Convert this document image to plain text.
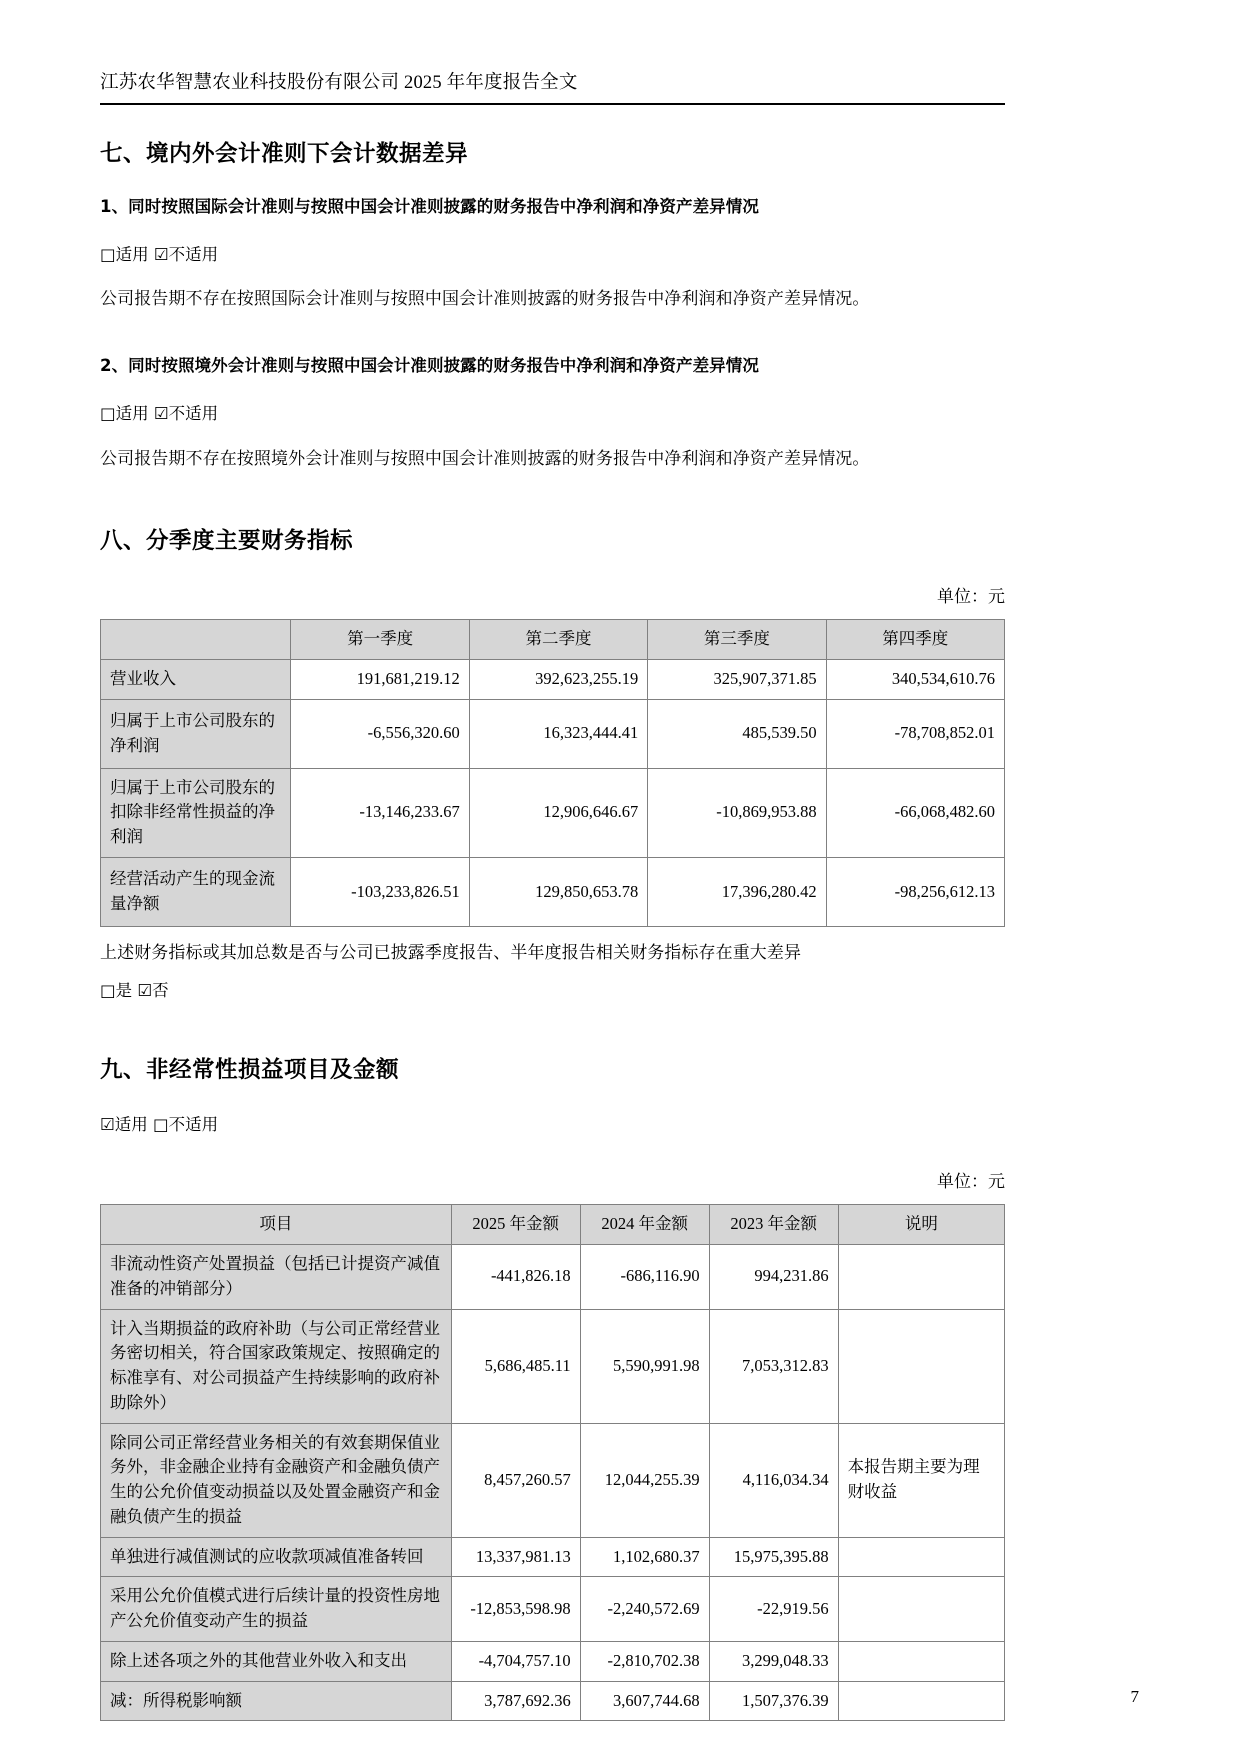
江苏农华智慧农业科技股份有限公司 2025 年年度报告全文
七、境内外会计准则下会计数据差异
1、同时按照国际会计准则与按照中国会计准则披露的财务报告中净利润和净资产差异情况

□适用 ☑不适用

公司报告期不存在按照国际会计准则与按照中国会计准则披露的财务报告中净利润和净资产差异情况。

2、同时按照境外会计准则与按照中国会计准则披露的财务报告中净利润和净资产差异情况

□适用 ☑不适用

公司报告期不存在按照境外会计准则与按照中国会计准则披露的财务报告中净利润和净资产差异情况。

八、分季度主要财务指标
单位：元
	第一季度	第二季度	第三季度	第四季度
营业收入	191,681,219.12	392,623,255.19	325,907,371.85	340,534,610.76
归属于上市公司股东的净利润	-6,556,320.60	16,323,444.41	485,539.50	-78,708,852.01
归属于上市公司股东的扣除非经常性损益的净利润	-13,146,233.67	12,906,646.67	-10,869,953.88	-66,068,482.60
经营活动产生的现金流量净额	-103,233,826.51	129,850,653.78	17,396,280.42	-98,256,612.13

上述财务指标或其加总数是否与公司已披露季度报告、半年度报告相关财务指标存在重大差异

□是 ☑否

九、非经常性损益项目及金额

☑适用 □不适用

单位：元
项目	2025 年金额	2024 年金额	2023 年金额	说明
非流动性资产处置损益（包括已计提资产减值准备的冲销部分）	-441,826.18	-686,116.90	994,231.86	
计入当期损益的政府补助（与公司正常经营业务密切相关，符合国家政策规定、按照确定的标准享有、对公司损益产生持续影响的政府补助除外）	5,686,485.11	5,590,991.98	7,053,312.83	
除同公司正常经营业务相关的有效套期保值业务外，非金融企业持有金融资产和金融负债产生的公允价值变动损益以及处置金融资产和金融负债产生的损益	8,457,260.57	12,044,255.39	4,116,034.34	本报告期主要为理财收益
单独进行减值测试的应收款项减值准备转回	13,337,981.13	1,102,680.37	15,975,395.88	
采用公允价值模式进行后续计量的投资性房地产公允价值变动产生的损益	-12,853,598.98	-2,240,572.69	-22,919.56	
除上述各项之外的其他营业外收入和支出	-4,704,757.10	-2,810,702.38	3,299,048.33	
减：所得税影响额	3,787,692.36	3,607,744.68	1,507,376.39		7
